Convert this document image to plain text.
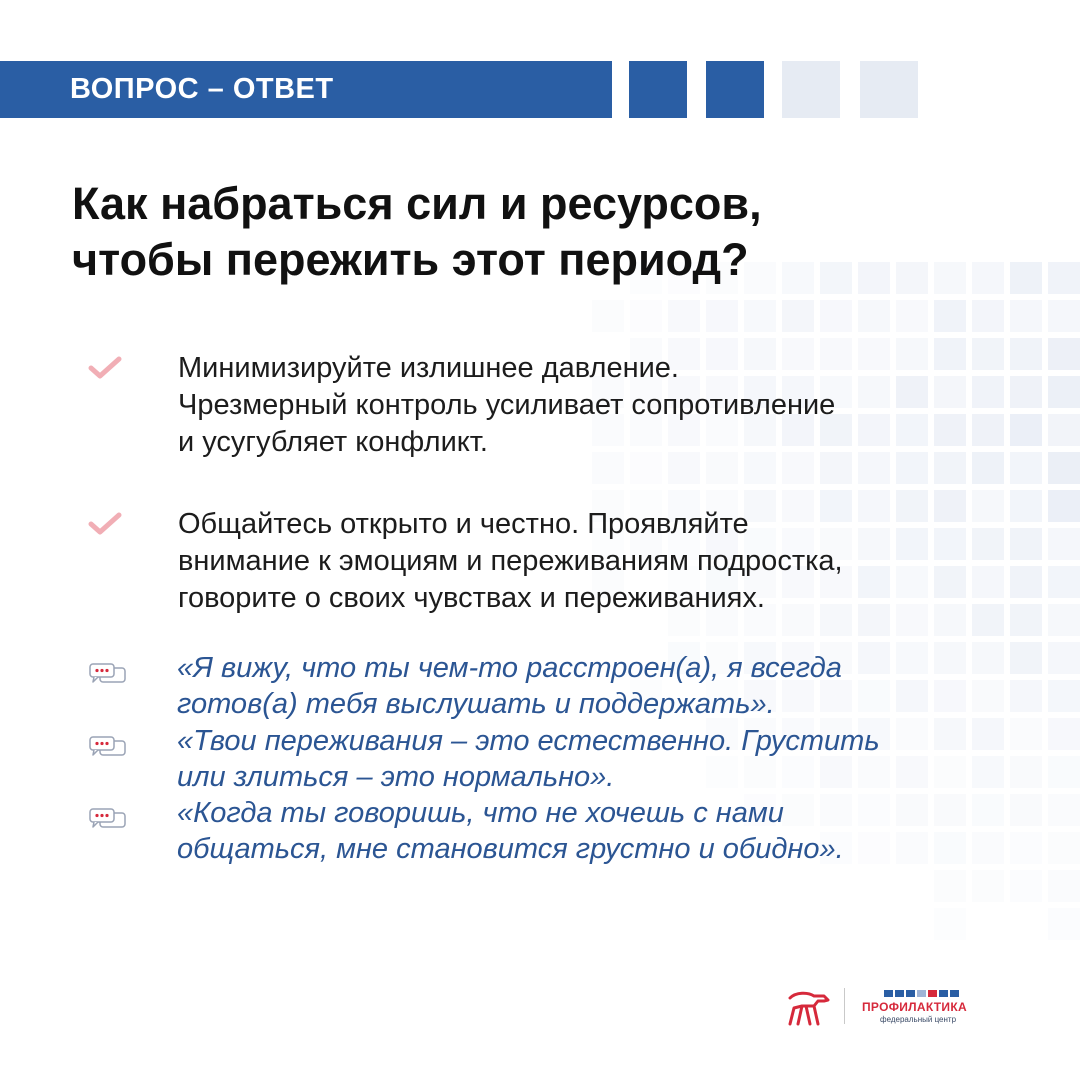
ВОПРОС – ОТВЕТ
Как набраться сил и ресурсов,
чтобы пережить этот период?
Минимизируйте излишнее давление.
Чрезмерный контроль усиливает сопротивление
и усугубляет конфликт.
Общайтесь открыто и честно. Проявляйте
внимание к эмоциям и переживаниям подростка,
говорите о своих чувствах и переживаниях.
«Я вижу, что ты чем-то расстроен(а), я всегда
готов(а) тебя выслушать и поддержать».
«Твои переживания – это естественно. Грустить
или злиться – это нормально».
«Когда ты говоришь, что не хочешь с нами
общаться, мне становится грустно и обидно».
ПРОФИЛАКТИКА
федеральный центр
